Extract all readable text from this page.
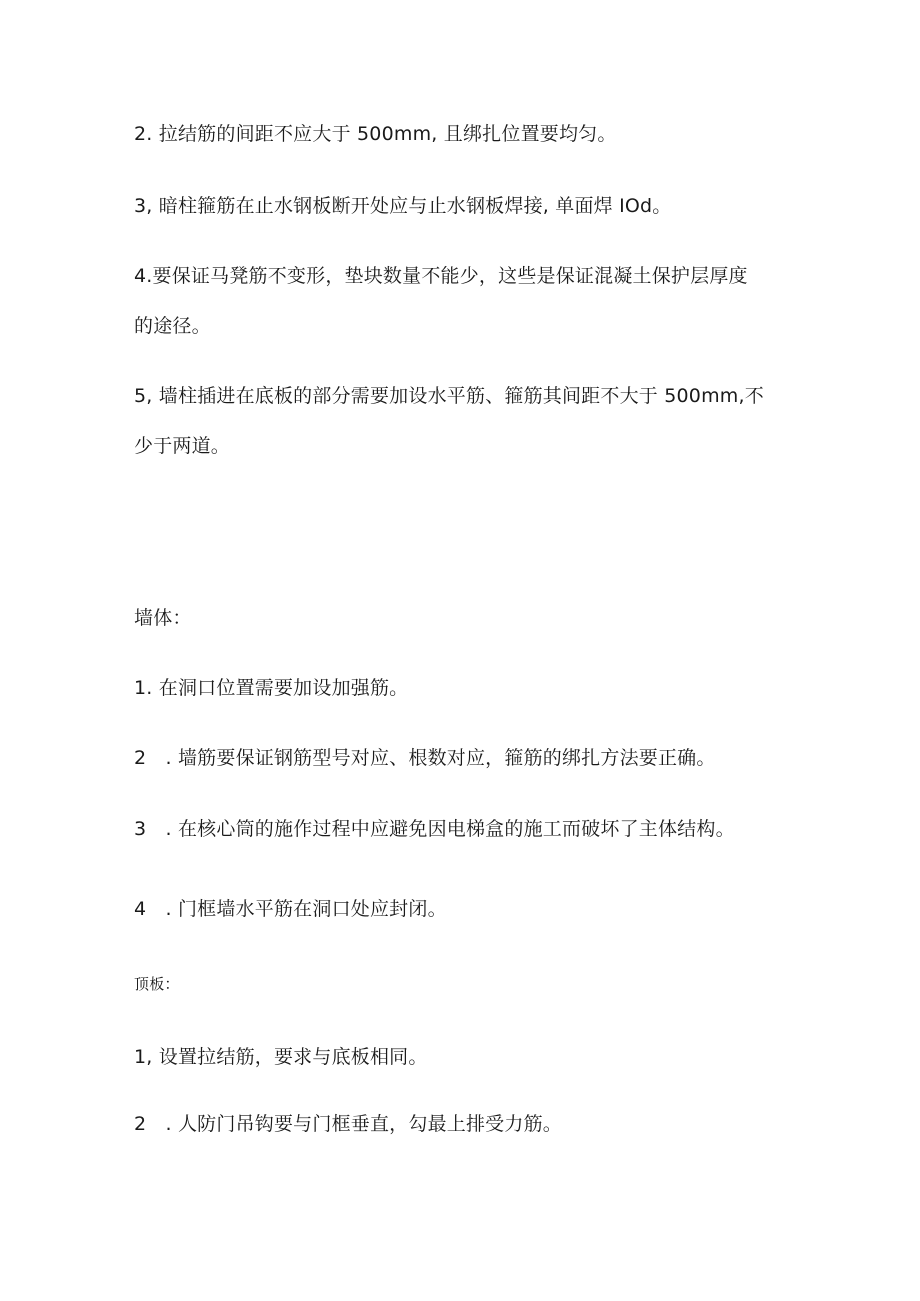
2. 拉结筋的间距不应大于 500mm, 且绑扎位置要均匀。
3, 暗柱箍筋在止水钢板断开处应与止水钢板焊接, 单面焊 IOd。
4.要保证马凳筋不变形，垫块数量不能少，这些是保证混凝土保护层厚度
的途径。
5, 墙柱插进在底板的部分需要加设水平筋、箍筋其间距不大于 500mm,不
少于两道。
墙体：
1. 在洞口位置需要加设加强筋。
2　. 墙筋要保证钢筋型号对应、根数对应，箍筋的绑扎方法要正确。
3　. 在核心筒的施作过程中应避免因电梯盒的施工而破坏了主体结构。
4　. 门框墙水平筋在洞口处应封闭。
顶板：
1, 设置拉结筋，要求与底板相同。
2　. 人防门吊钩要与门框垂直，勾最上排受力筋。
